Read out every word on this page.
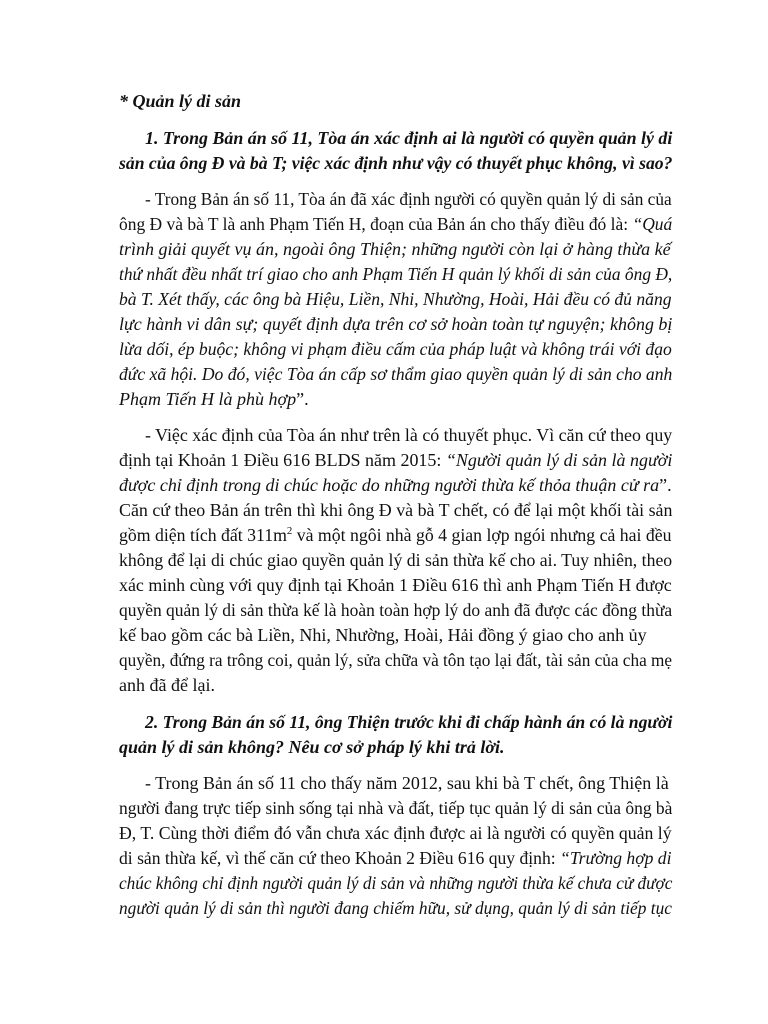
* Quản lý di sản
1. Trong Bản án số 11, Tòa án xác định ai là người có quyền quản lý di
sản của ông Đ và bà T; việc xác định như vậy có thuyết phục không, vì sao?
- Trong Bản án số 11, Tòa án đã xác định người có quyền quản lý di sản của
ông Đ và bà T là anh Phạm Tiến H, đoạn của Bản án cho thấy điều đó là: “Quá
trình giải quyết vụ án, ngoài ông Thiện; những người còn lại ở hàng thừa kế
thứ nhất đều nhất trí giao cho anh Phạm Tiến H quản lý khối di sản của ông Đ,
bà T. Xét thấy, các ông bà Hiệu, Liền, Nhi, Nhường, Hoài, Hải đều có đủ năng
lực hành vi dân sự; quyết định dựa trên cơ sở hoàn toàn tự nguyện; không bị
lừa dối, ép buộc; không vi phạm điều cấm của pháp luật và không trái với đạo
đức xã hội. Do đó, việc Tòa án cấp sơ thẩm giao quyền quản lý di sản cho anh
Phạm Tiến H là phù hợp”.
- Việc xác định của Tòa án như trên là có thuyết phục. Vì căn cứ theo quy
định tại Khoản 1 Điều 616 BLDS năm 2015: “Người quản lý di sản là người
được chỉ định trong di chúc hoặc do những người thừa kế thỏa thuận cử ra”.
Căn cứ theo Bản án trên thì khi ông Đ và bà T chết, có để lại một khối tài sản
gồm diện tích đất $311m^2$ và một ngôi nhà gỗ 4 gian lợp ngói nhưng cả hai đều
không để lại di chúc giao quyền quản lý di sản thừa kế cho ai. Tuy nhiên, theo
xác minh cùng với quy định tại Khoản 1 Điều 616 thì anh Phạm Tiến H được
quyền quản lý di sản thừa kế là hoàn toàn hợp lý do anh đã được các đồng thừa
kế bao gồm các bà Liền, Nhi, Nhường, Hoài, Hải đồng ý giao cho anh ủy
quyền, đứng ra trông coi, quản lý, sửa chữa và tôn tạo lại đất, tài sản của cha mẹ
anh đã để lại.
2. Trong Bản án số 11, ông Thiện trước khi đi chấp hành án có là người
quản lý di sản không? Nêu cơ sở pháp lý khi trả lời.
- Trong Bản án số 11 cho thấy năm 2012, sau khi bà T chết, ông Thiện là
người đang trực tiếp sinh sống tại nhà và đất, tiếp tục quản lý di sản của ông bà
Đ, T. Cùng thời điểm đó vẫn chưa xác định được ai là người có quyền quản lý
di sản thừa kế, vì thế căn cứ theo Khoản 2 Điều 616 quy định: “Trường hợp di
chúc không chỉ định người quản lý di sản và những người thừa kế chưa cử được
người quản lý di sản thì người đang chiếm hữu, sử dụng, quản lý di sản tiếp tục
